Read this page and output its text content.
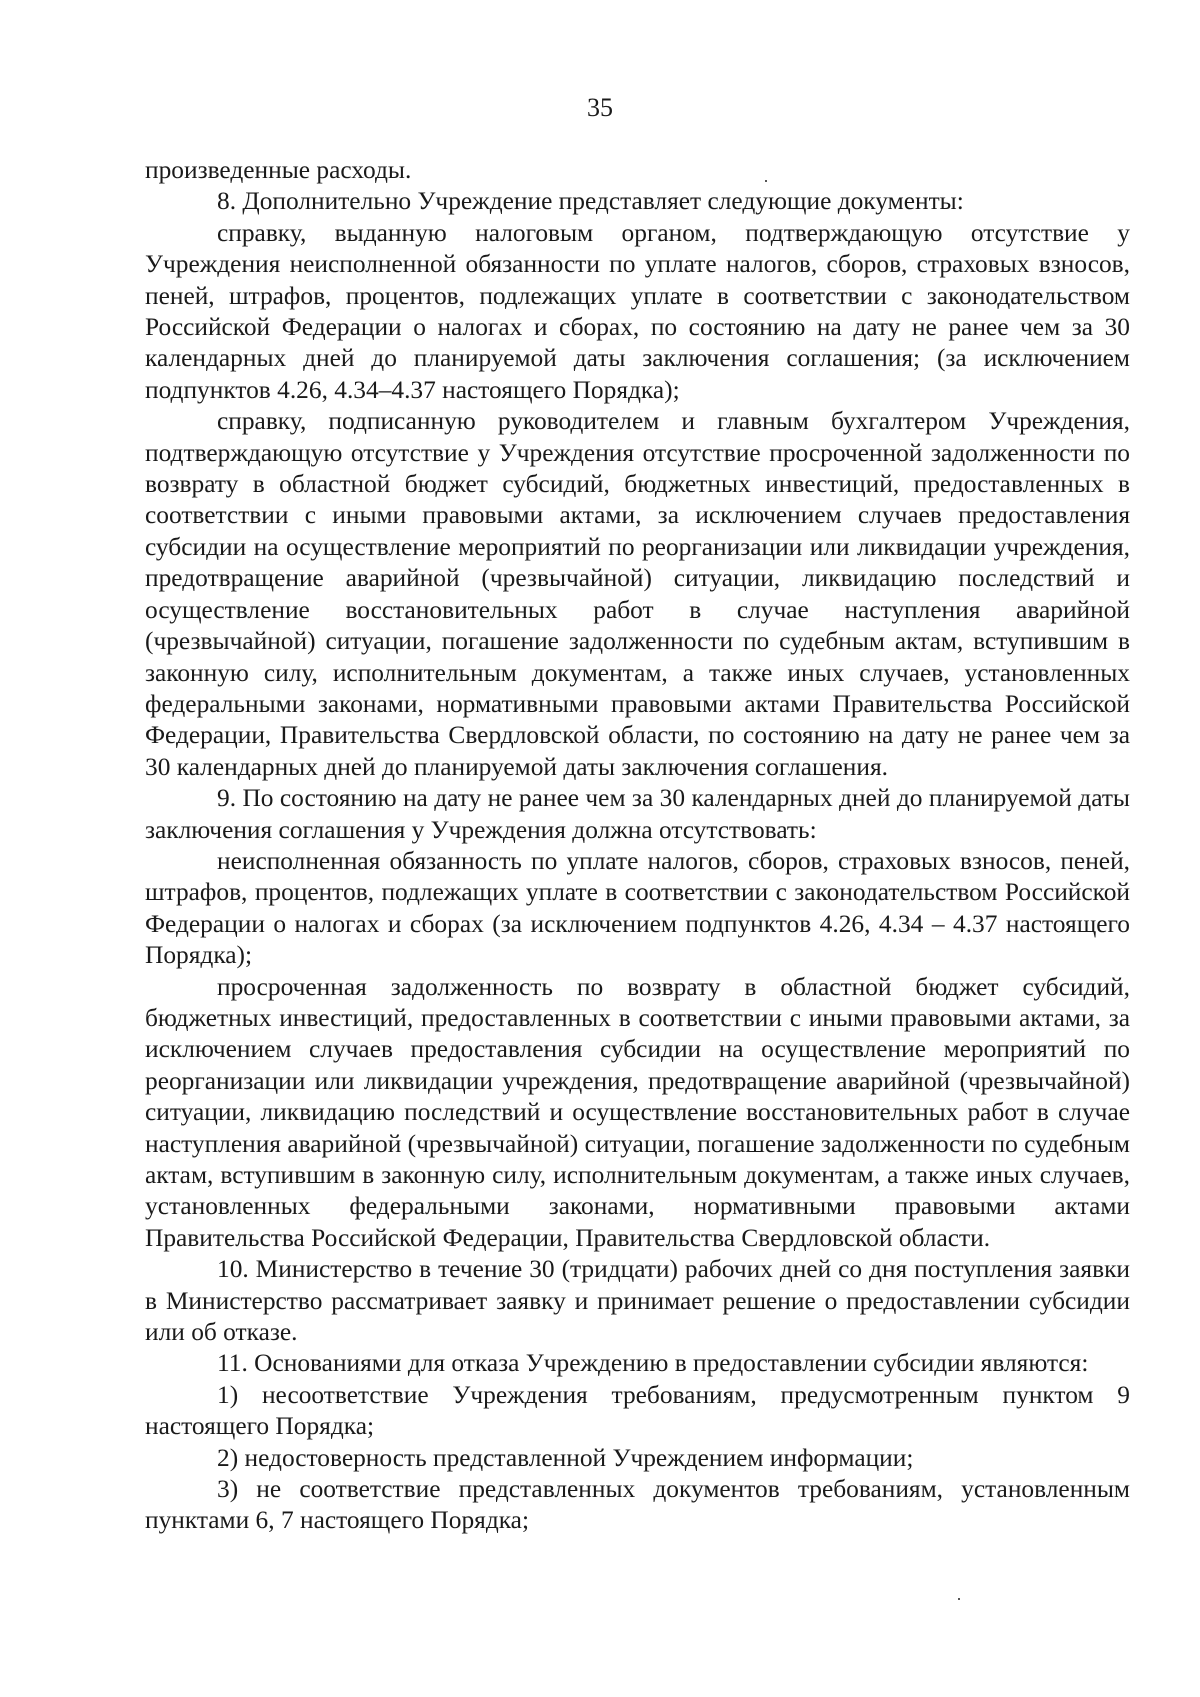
35

произведенные расходы.

8. Дополнительно Учреждение представляет следующие документы:

справку, выданную налоговым органом, подтверждающую отсутствие у Учреждения неисполненной обязанности по уплате налогов, сборов, страховых взносов, пеней, штрафов, процентов, подлежащих уплате в соответствии с законодательством Российской Федерации о налогах и сборах, по состоянию на дату не ранее чем за 30 календарных дней до планируемой даты заключения соглашения; (за исключением подпунктов 4.26, 4.34–4.37 настоящего Порядка);

справку, подписанную руководителем и главным бухгалтером Учреждения, подтверждающую отсутствие у Учреждения отсутствие просроченной задолженности по возврату в областной бюджет субсидий, бюджетных инвестиций, предоставленных в соответствии с иными правовыми актами, за исключением случаев предоставления субсидии на осуществление мероприятий по реорганизации или ликвидации учреждения, предотвращение аварийной (чрезвычайной) ситуации, ликвидацию последствий и осуществление восстановительных работ в случае наступления аварийной (чрезвычайной) ситуации, погашение задолженности по судебным актам, вступившим в законную силу, исполнительным документам, а также иных случаев, установленных федеральными законами, нормативными правовыми актами Правительства Российской Федерации, Правительства Свердловской области, по состоянию на дату не ранее чем за 30 календарных дней до планируемой даты заключения соглашения.

9. По состоянию на дату не ранее чем за 30 календарных дней до планируемой даты заключения соглашения у Учреждения должна отсутствовать:

неисполненная обязанность по уплате налогов, сборов, страховых взносов, пеней, штрафов, процентов, подлежащих уплате в соответствии с законодательством Российской Федерации о налогах и сборах (за исключением подпунктов 4.26, 4.34 – 4.37 настоящего Порядка);

просроченная задолженность по возврату в областной бюджет субсидий, бюджетных инвестиций, предоставленных в соответствии с иными правовыми актами, за исключением случаев предоставления субсидии на осуществление мероприятий по реорганизации или ликвидации учреждения, предотвращение аварийной (чрезвычайной) ситуации, ликвидацию последствий и осуществление восстановительных работ в случае наступления аварийной (чрезвычайной) ситуации, погашение задолженности по судебным актам, вступившим в законную силу, исполнительным документам, а также иных случаев, установленных федеральными законами, нормативными правовыми актами Правительства Российской Федерации, Правительства Свердловской области.

10. Министерство в течение 30 (тридцати) рабочих дней со дня поступления заявки в Министерство рассматривает заявку и принимает решение о предоставлении субсидии или об отказе.

11. Основаниями для отказа Учреждению в предоставлении субсидии являются:

1) несоответствие Учреждения требованиям, предусмотренным пунктом 9 настоящего Порядка;

2) недостоверность представленной Учреждением информации;

3) не соответствие представленных документов требованиям, установленным пунктами 6, 7 настоящего Порядка;
